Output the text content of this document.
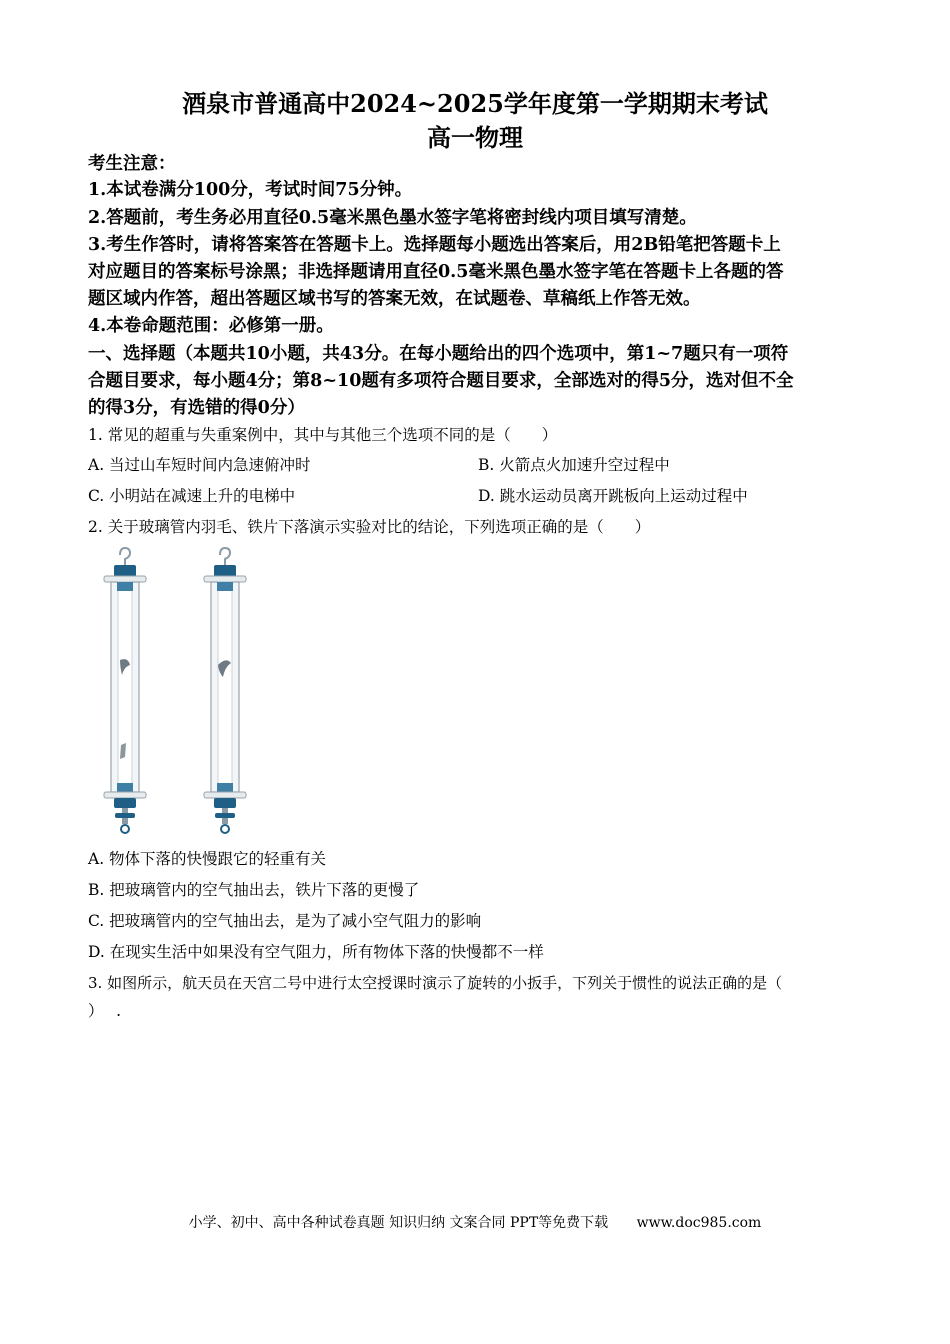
酒泉市普通高中2024~2025学年度第一学期期末考试
高一物理
考生注意：
1.本试卷满分100分，考试时间75分钟。
2.答题前，考生务必用直径0.5毫米黑色墨水签字笔将密封线内项目填写清楚。
3.考生作答时，请将答案答在答题卡上。选择题每小题选出答案后，用2B铅笔把答题卡上
对应题目的答案标号涂黑；非选择题请用直径0.5毫米黑色墨水签字笔在答题卡上各题的答
题区域内作答，超出答题区域书写的答案无效，在试题卷、草稿纸上作答无效。
4.本卷命题范围：必修第一册。
一、选择题（本题共10小题，共43分。在每小题给出的四个选项中，第1~7题只有一项符
合题目要求，每小题4分；第8~10题有多项符合题目要求，全部选对的得5分，选对但不全
的得3分，有选错的得0分）
1. 常见的超重与失重案例中，其中与其他三个选项不同的是（　　）
A. 当过山车短时间内急速俯冲时	B. 火箭点火加速升空过程中
C. 小明站在减速上升的电梯中	D. 跳水运动员离开跳板向上运动过程中
2. 关于玻璃管内羽毛、铁片下落演示实验对比的结论，下列选项正确的是（　　）
A. 物体下落的快慢跟它的轻重有关
B. 把玻璃管内的空气抽出去，铁片下落的更慢了
C. 把玻璃管内的空气抽出去，是为了减小空气阻力的影响
D. 在现实生活中如果没有空气阻力，所有物体下落的快慢都不一样
3. 如图所示，航天员在天宫二号中进行太空授课时演示了旋转的小扳手，下列关于惯性的说法正确的是（
）　 .
小学、初中、高中各种试卷真题 知识归纳 文案合同 PPT等免费下载 www.doc985.com
